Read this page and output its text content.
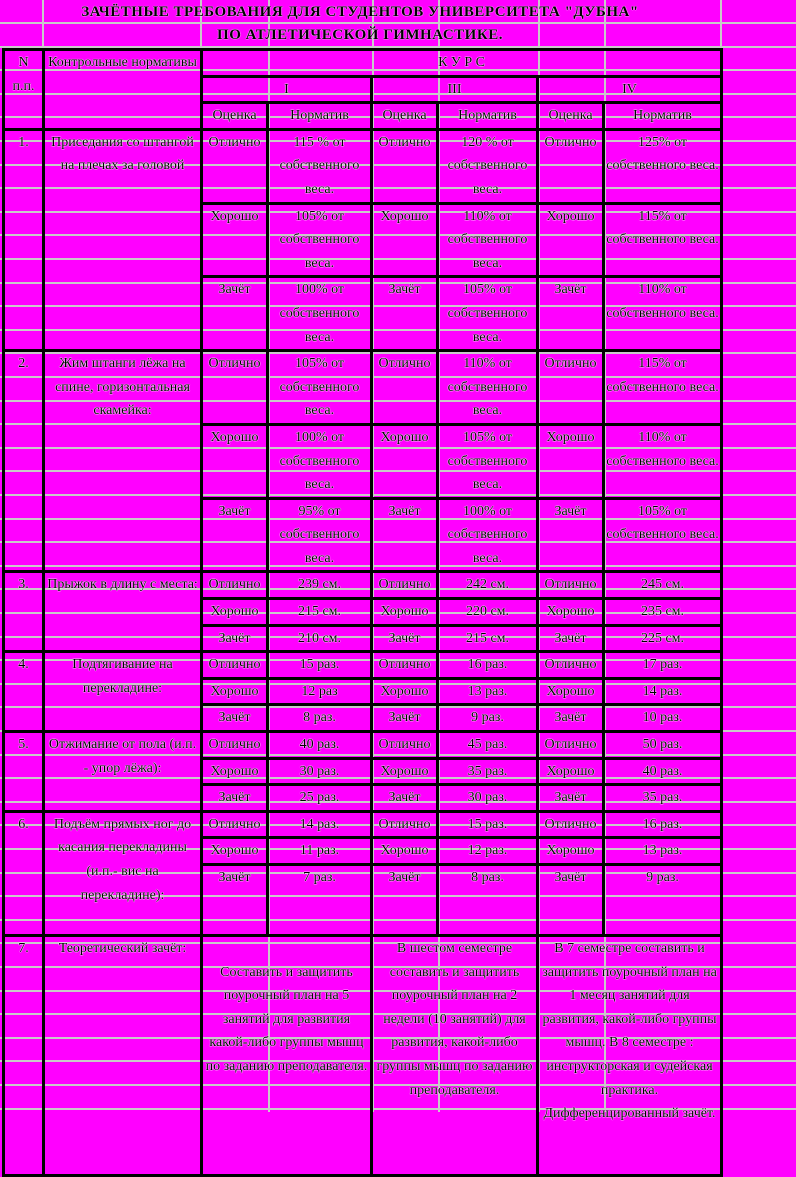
ЗАЧЁТНЫЕ ТРЕБОВАНИЯ ДЛЯ СТУДЕНТОВ УНИВЕРСИТЕТА "ДУБНА"
ПО АТЛЕТИЧЕСКОЙ ГИМНАСТИКЕ.
N п.п.	Контрольные нормативы	К У Р С					
		I		III		IV	
		Оценка	Норматив	Оценка	Норматив	Оценка	Норматив
1.	Приседания со штангой на плечах за головой	Отлично	115 % от собственного веса.	Отлично	120 % от собственного веса.	Отлично	125% от собственного веса.
		Хорошо	105% от собственного веса.	Хорошо	110% от собственного веса.	Хорошо	115% от собственного веса.
		Зачёт	100% от собственного веса.	Зачёт	105% от собственного веса.	Зачёт	110% от собственного веса.
2.	Жим штанги лёжа на спине, горизонтальная скамейка:	Отлично	105% от собственного веса.	Отлично	110% от собственного веса.	Отлично	115% от собственного веса.
		Хорошо	100% от собственного веса.	Хорошо	105% от собственного веса.	Хорошо	110% от собственного веса.
		Зачёт	95% от собственного веса.	Зачёт	100% от собственного веса.	Зачёт	105% от собственного веса.
3.	Прыжок в длину с места:	Отлично	239 см.	Отлично	242 см.	Отлично	245 см.
		Хорошо	215 см.	Хорошо	220 см.	Хорошо	235 см.
		Зачёт	210 см.	Зачёт	215 см.	Зачёт	225 см.
4.	Подтягивание на перекладине:	Отлично	15 раз.	Отлично	16 раз.	Отлично	17 раз.
		Хорошо	12 раз	Хорошо	13 раз.	Хорошо	14 раз.
		Зачёт	8 раз.	Зачёт	9 раз.	Зачёт	10 раз.
5.	Отжимание от пола (и.п. - упор лёжа):	Отлично	40 раз.	Отлично	45 раз.	Отлично	50 раз.
		Хорошо	30 раз.	Хорошо	35 раз.	Хорошо	40 раз.
		Зачёт	25 раз.	Зачёт	30 раз.	Зачёт	35 раз.
6.	Подъём прямых ног до касания перекладины (и.п.- вис на перекладине):	Отлично	14 раз.	Отлично	15 раз.	Отлично	16 раз.
		Хорошо	11 раз.	Хорошо	12 раз.	Хорошо	13 раз.
		Зачёт	7 раз.	Зачёт	8 раз.	Зачёт	9 раз.
7.	Теоретический зачёт:	Составить и защитить поурочный план на 5 занятий для развития какой-либо группы мышц по заданию преподавателя.		В шестом семестре составить и защитить поурочный план на 2 недели (10 занятий) для развития, какой-либо группы мышц по заданию преподавателя.		В 7 семестре составить и защитить поурочный план на 1 месяц занятий для развития, какой-либо группы мышц. В 8 семестре : инструкторская и судейская практика. Дифференцированный зачёт.	
